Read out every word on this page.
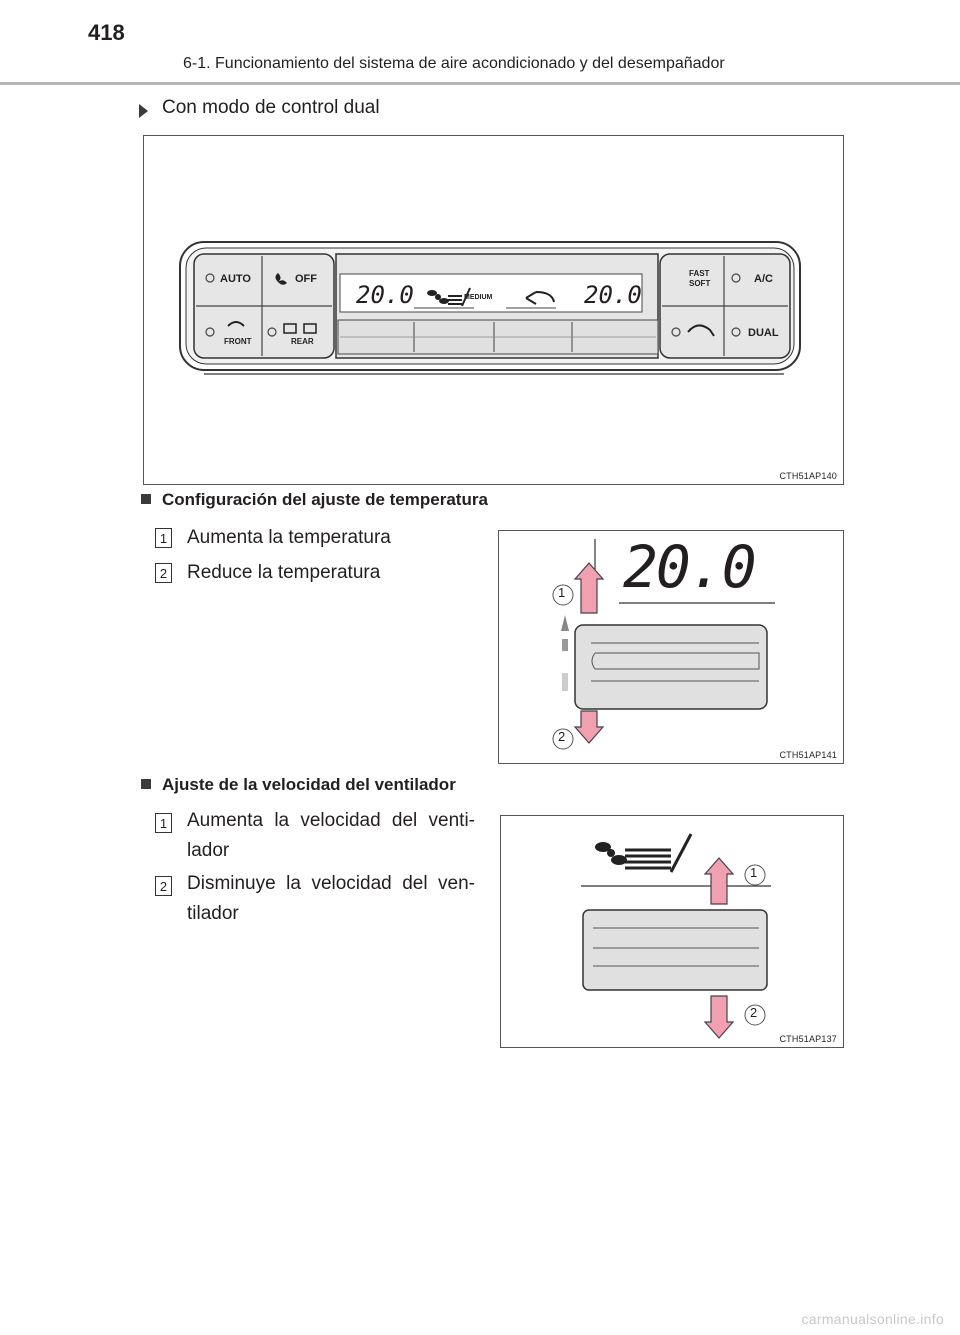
418
6-1. Funcionamiento del sistema de aire acondicionado y del desempañador
Con modo de control dual
AUTO	OFF
FRONT	REAR
FAST
SOFT	A/C
DUAL
20.0	20.0
MEDIUM
CTH51AP140
Configuración del ajuste de temperatura
1 Aumenta la temperatura
2 Reduce la temperatura	20.0
1
2
CTH51AP141
Ajuste de la velocidad del ventilador
1 Aumenta la velocidad del venti-lador
2 Disminuye la velocidad del ven-tilador
1
2
CTH51AP137
carmanualsonline.info
